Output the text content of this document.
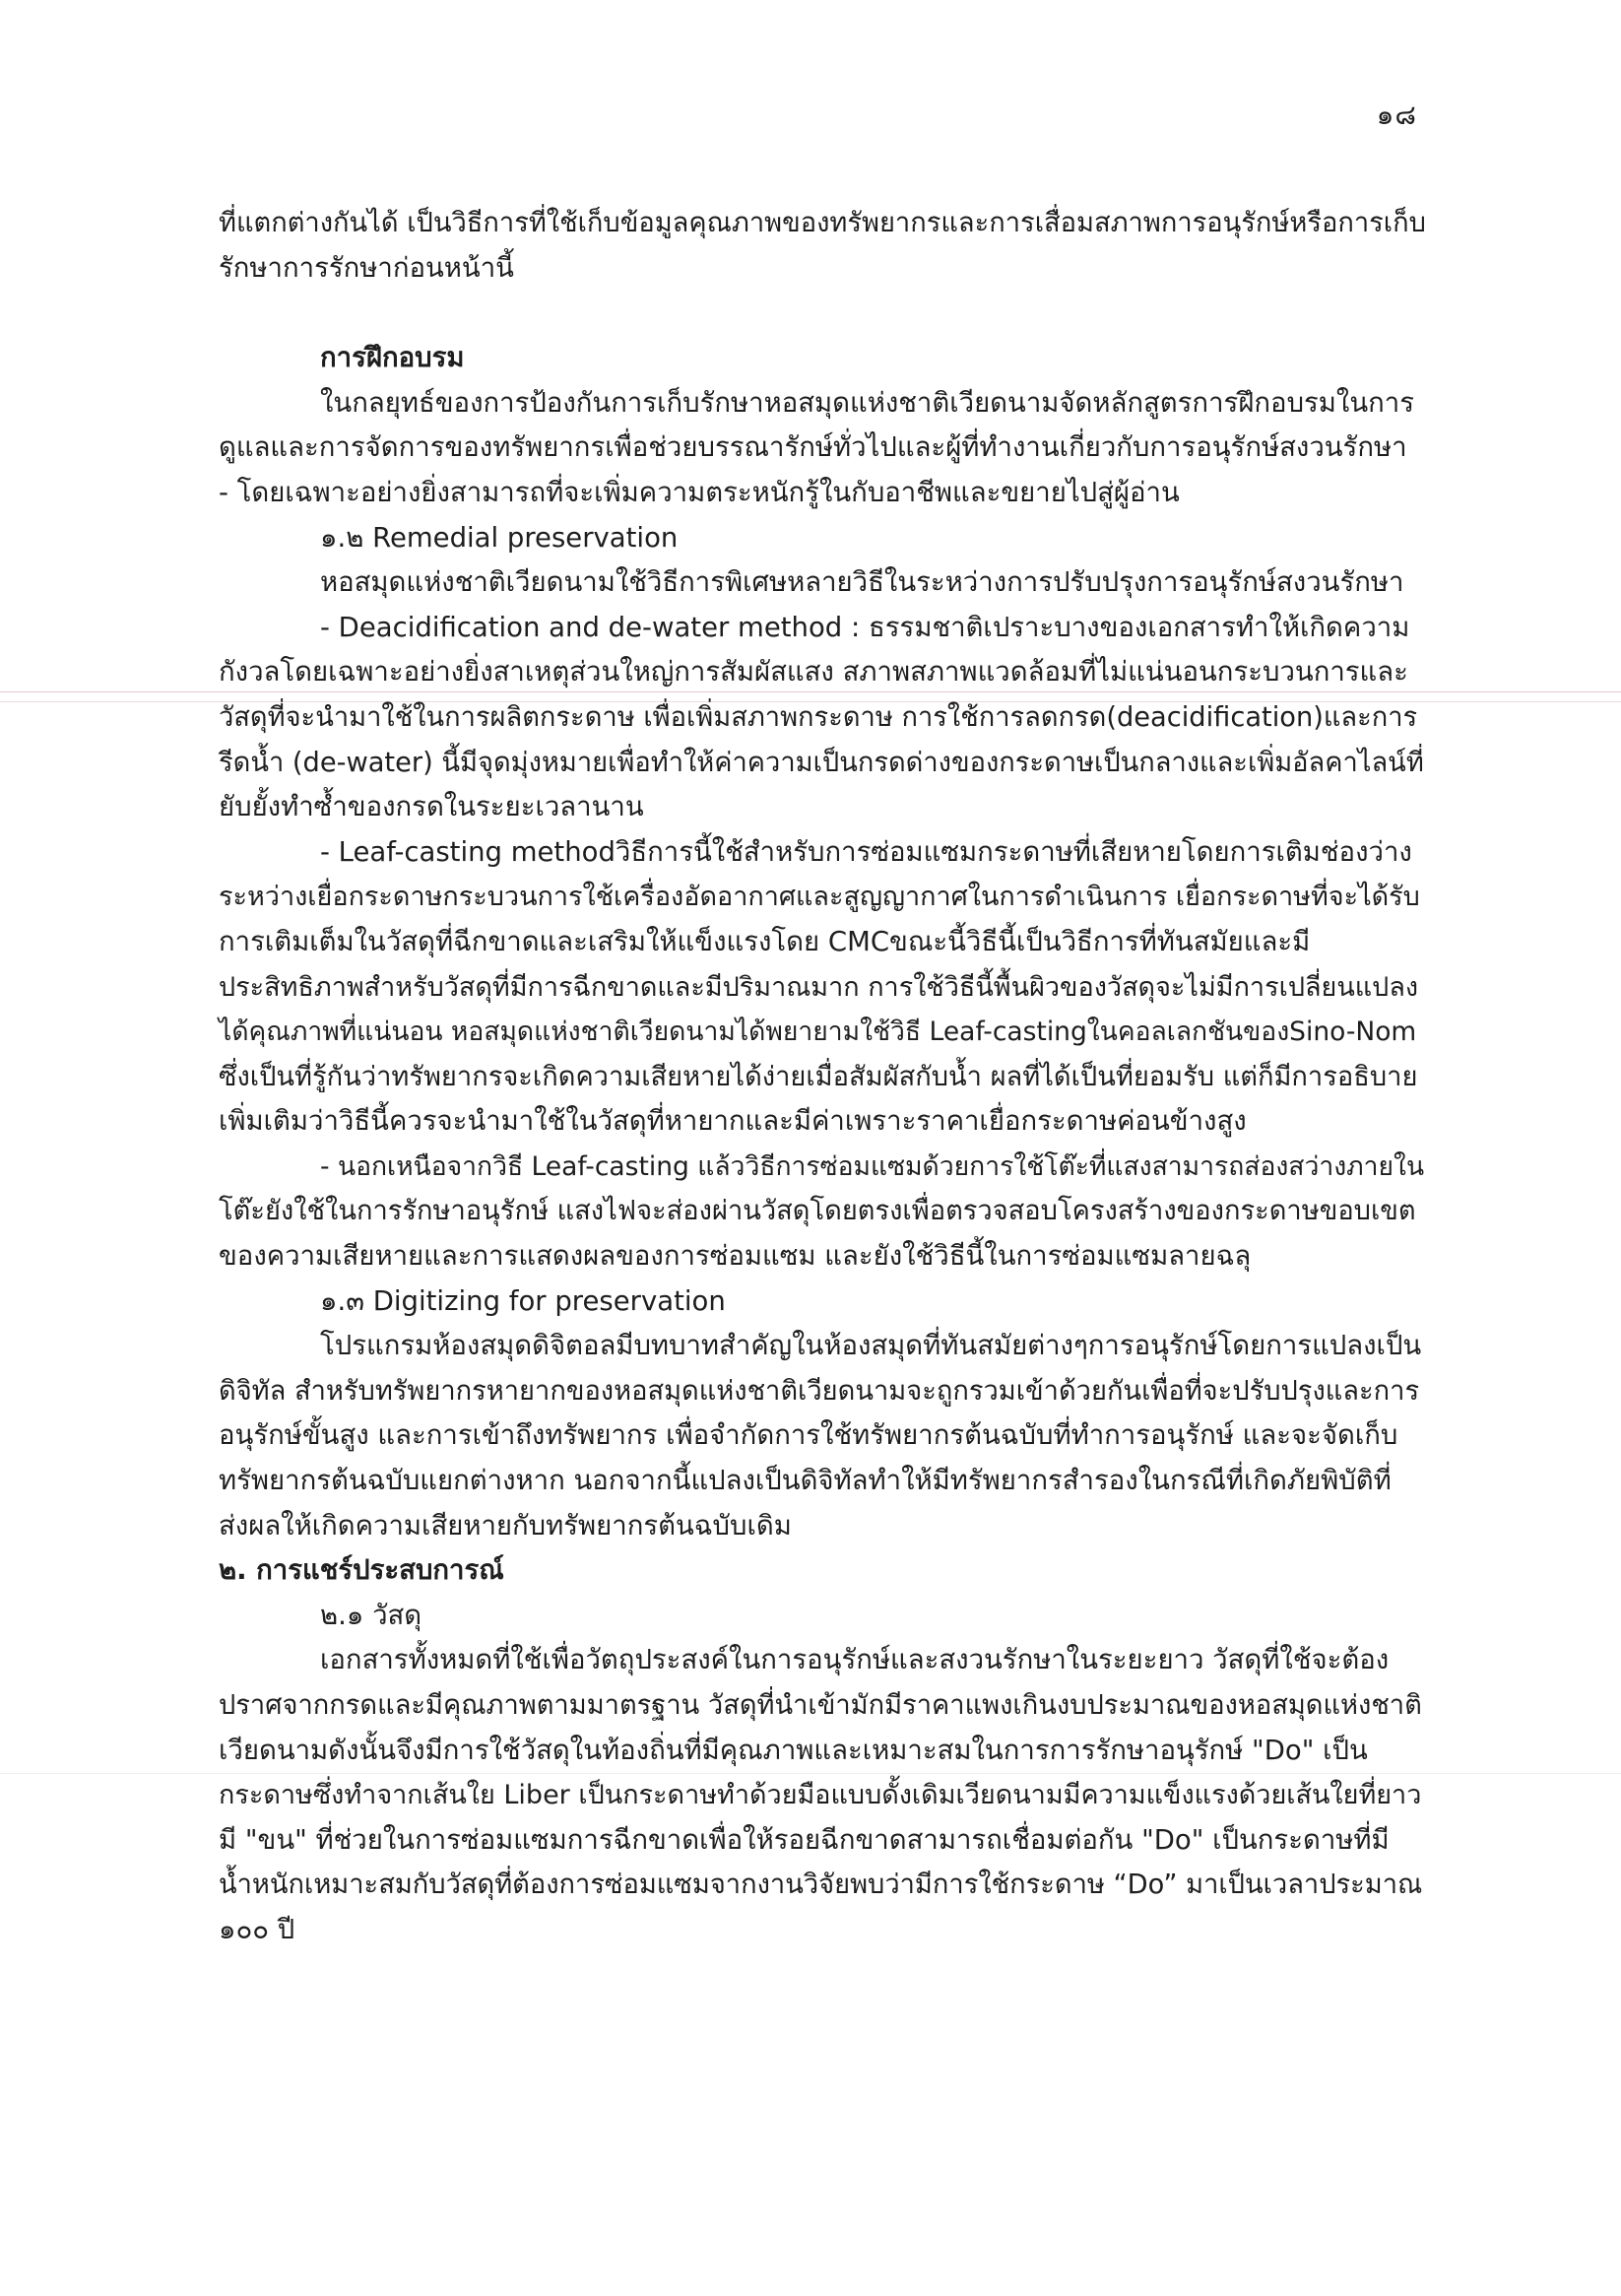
๑๘

ที่แตกต่างกันได้ เป็นวิธีการที่ใช้เก็บข้อมูลคุณภาพของทรัพยากรและการเสื่อมสภาพการอนุรักษ์หรือการเก็บ

รักษาการรักษาก่อนหน้านี้

การฝึกอบรม

ในกลยุทธ์ของการป้องกันการเก็บรักษาหอสมุดแห่งชาติเวียดนามจัดหลักสูตรการฝึกอบรมในการ

ดูแลและการจัดการของทรัพยากรเพื่อช่วยบรรณารักษ์ทั่วไปและผู้ที่ทำงานเกี่ยวกับการอนุรักษ์สงวนรักษา

- โดยเฉพาะอย่างยิ่งสามารถที่จะเพิ่มความตระหนักรู้ในกับอาชีพและขยายไปสู่ผู้อ่าน

๑.๒ Remedial preservation

หอสมุดแห่งชาติเวียดนามใช้วิธีการพิเศษหลายวิธีในระหว่างการปรับปรุงการอนุรักษ์สงวนรักษา

- Deacidification and de-water method : ธรรมชาติเปราะบางของเอกสารทำให้เกิดความ

กังวลโดยเฉพาะอย่างยิ่งสาเหตุส่วนใหญ่การสัมผัสแสง สภาพสภาพแวดล้อมที่ไม่แน่นอนกระบวนการและ

วัสดุที่จะนำมาใช้ในการผลิตกระดาษ เพื่อเพิ่มสภาพกระดาษ การใช้การลดกรด(deacidification)และการ

รีดน้ำ (de-water) นี้มีจุดมุ่งหมายเพื่อทำให้ค่าความเป็นกรดด่างของกระดาษเป็นกลางและเพิ่มอัลคาไลน์ที่

ยับยั้งทำซ้ำของกรดในระยะเวลานาน

- Leaf-casting methodวิธีการนี้ใช้สำหรับการซ่อมแซมกระดาษที่เสียหายโดยการเติมช่องว่าง

ระหว่างเยื่อกระดาษกระบวนการใช้เครื่องอัดอากาศและสูญญากาศในการดำเนินการ เยื่อกระดาษที่จะได้รับ

การเติมเต็มในวัสดุที่ฉีกขาดและเสริมให้แข็งแรงโดย CMCขณะนี้วิธีนี้เป็นวิธีการที่ทันสมัยและมี

ประสิทธิภาพสำหรับวัสดุที่มีการฉีกขาดและมีปริมาณมาก การใช้วิธีนี้พื้นผิวของวัสดุจะไม่มีการเปลี่ยนแปลง

ได้คุณภาพที่แน่นอน หอสมุดแห่งชาติเวียดนามได้พยายามใช้วิธี Leaf-castingในคอลเลกชันของSino-Nom

ซึ่งเป็นที่รู้กันว่าทรัพยากรจะเกิดความเสียหายได้ง่ายเมื่อสัมผัสกับน้ำ ผลที่ได้เป็นที่ยอมรับ แต่ก็มีการอธิบาย

เพิ่มเติมว่าวิธีนี้ควรจะนำมาใช้ในวัสดุที่หายากและมีค่าเพราะราคาเยื่อกระดาษค่อนข้างสูง

- นอกเหนือจากวิธี Leaf-casting แล้ววิธีการซ่อมแซมด้วยการใช้โต๊ะที่แสงสามารถส่องสว่างภายใน

โต๊ะยังใช้ในการรักษาอนุรักษ์ แสงไฟจะส่องผ่านวัสดุโดยตรงเพื่อตรวจสอบโครงสร้างของกระดาษขอบเขต

ของความเสียหายและการแสดงผลของการซ่อมแซม และยังใช้วิธีนี้ในการซ่อมแซมลายฉลุ

๑.๓ Digitizing for preservation

โปรแกรมห้องสมุดดิจิตอลมีบทบาทสำคัญในห้องสมุดที่ทันสมัยต่างๆการอนุรักษ์โดยการแปลงเป็น

ดิจิทัล สำหรับทรัพยากรหายากของหอสมุดแห่งชาติเวียดนามจะถูกรวมเข้าด้วยกันเพื่อที่จะปรับปรุงและการ

อนุรักษ์ขั้นสูง และการเข้าถึงทรัพยากร เพื่อจำกัดการใช้ทรัพยากรต้นฉบับที่ทำการอนุรักษ์ และจะจัดเก็บ

ทรัพยากรต้นฉบับแยกต่างหาก นอกจากนี้แปลงเป็นดิจิทัลทำให้มีทรัพยากรสำรองในกรณีที่เกิดภัยพิบัติที่

ส่งผลให้เกิดความเสียหายกับทรัพยากรต้นฉบับเดิม

๒. การแชร์ประสบการณ์

๒.๑ วัสดุ

เอกสารทั้งหมดที่ใช้เพื่อวัตถุประสงค์ในการอนุรักษ์และสงวนรักษาในระยะยาว วัสดุที่ใช้จะต้อง

ปราศจากกรดและมีคุณภาพตามมาตรฐาน วัสดุที่นำเข้ามักมีราคาแพงเกินงบประมาณของหอสมุดแห่งชาติ

เวียดนามดังนั้นจึงมีการใช้วัสดุในท้องถิ่นที่มีคุณภาพและเหมาะสมในการการรักษาอนุรักษ์ "Do" เป็น

กระดาษซึ่งทำจากเส้นใย Liber เป็นกระดาษทำด้วยมือแบบดั้งเดิมเวียดนามมีความแข็งแรงด้วยเส้นใยที่ยาว

มี "ขน" ที่ช่วยในการซ่อมแซมการฉีกขาดเพื่อให้รอยฉีกขาดสามารถเชื่อมต่อกัน "Do" เป็นกระดาษที่มี

น้ำหนักเหมาะสมกับวัสดุที่ต้องการซ่อมแซมจากงานวิจัยพบว่ามีการใช้กระดาษ “Do” มาเป็นเวลาประมาณ

๑๐๐ ปี
